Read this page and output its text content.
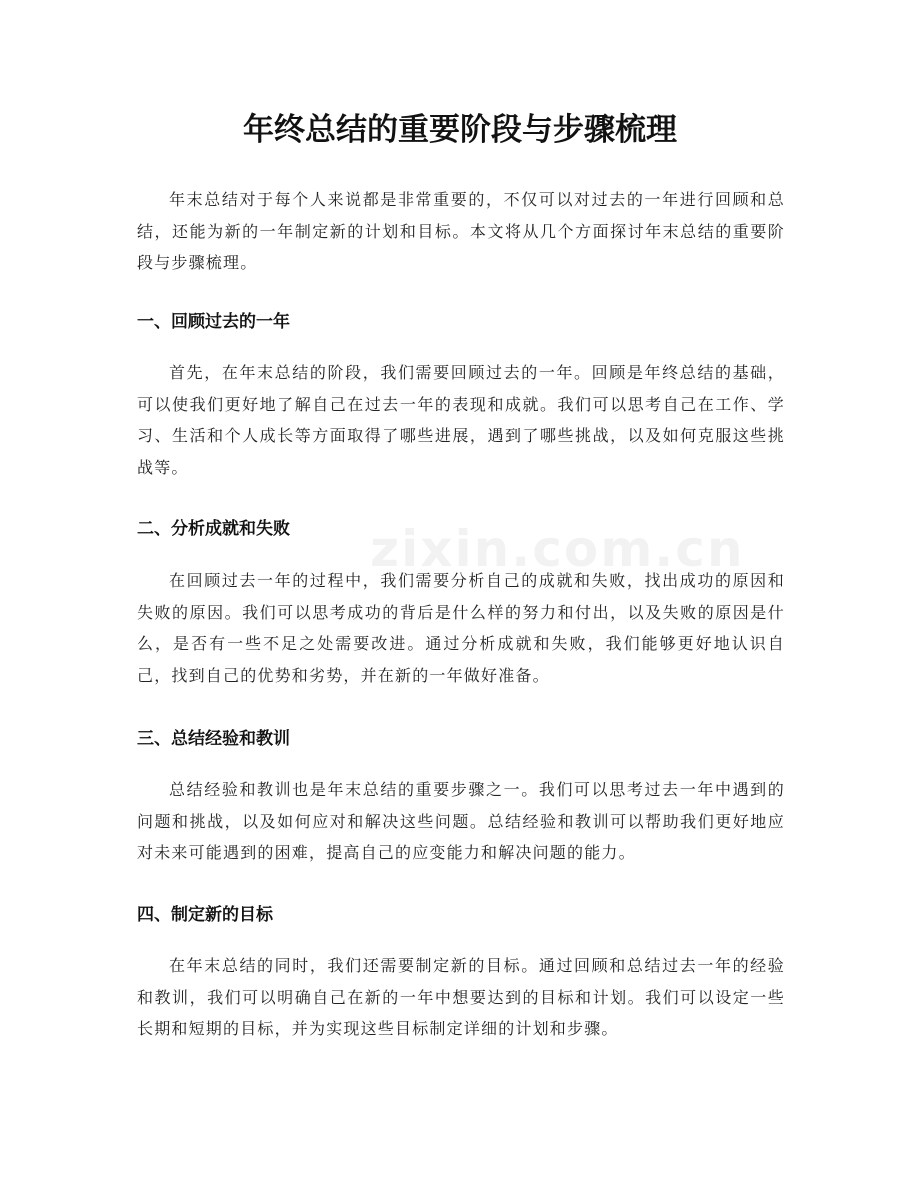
年终总结的重要阶段与步骤梳理

年末总结对于每个人来说都是非常重要的，不仅可以对过去的一年进行回顾和总结，还能为新的一年制定新的计划和目标。本文将从几个方面探讨年末总结的重要阶段与步骤梳理。

一、回顾过去的一年

首先，在年末总结的阶段，我们需要回顾过去的一年。回顾是年终总结的基础，可以使我们更好地了解自己在过去一年的表现和成就。我们可以思考自己在工作、学习、生活和个人成长等方面取得了哪些进展，遇到了哪些挑战，以及如何克服这些挑战等。

二、分析成就和失败

在回顾过去一年的过程中，我们需要分析自己的成就和失败，找出成功的原因和失败的原因。我们可以思考成功的背后是什么样的努力和付出，以及失败的原因是什么，是否有一些不足之处需要改进。通过分析成就和失败，我们能够更好地认识自己，找到自己的优势和劣势，并在新的一年做好准备。

三、总结经验和教训

总结经验和教训也是年末总结的重要步骤之一。我们可以思考过去一年中遇到的问题和挑战，以及如何应对和解决这些问题。总结经验和教训可以帮助我们更好地应对未来可能遇到的困难，提高自己的应变能力和解决问题的能力。

四、制定新的目标

在年末总结的同时，我们还需要制定新的目标。通过回顾和总结过去一年的经验和教训，我们可以明确自己在新的一年中想要达到的目标和计划。我们可以设定一些长期和短期的目标，并为实现这些目标制定详细的计划和步骤。

zixin.com.cn
